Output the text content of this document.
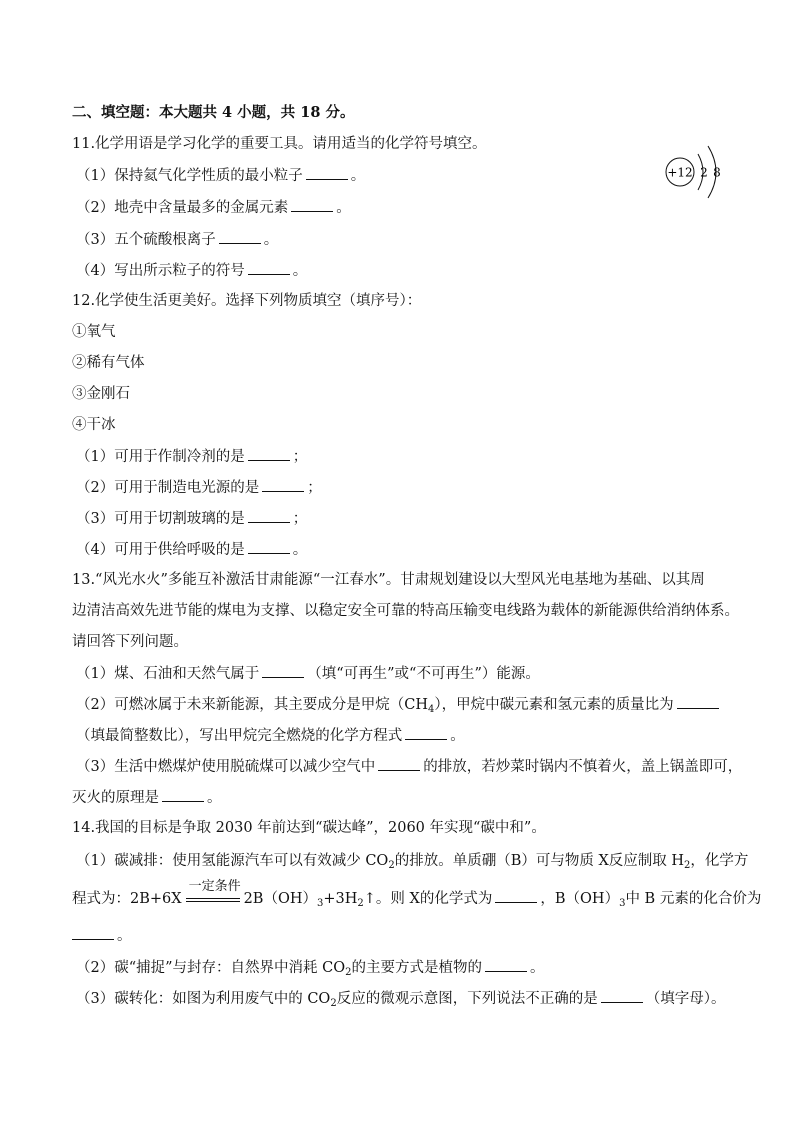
二、填空题：本大题共 4 小题，共 18 分。
11.化学用语是学习化学的重要工具。请用适当的化学符号填空。
（1）保持氦气化学性质的最小粒子	。
（2）地壳中含量最多的金属元素	。
（3）五个硫酸根离子	。
（4）写出所示粒子的符号	。
+12 2 8
12.化学使生活更美好。选择下列物质填空（填序号）：
①氧气
②稀有气体
③金刚石
④干冰
（1）可用于作制冷剂的是	；
（2）可用于制造电光源的是	；
（3）可用于切割玻璃的是	；
（4）可用于供给呼吸的是	。
13.“风光水火”多能互补激活甘肃能源“一江春水”。甘肃规划建设以大型风光电基地为基础、以其周
边清洁高效先进节能的煤电为支撑、以稳定安全可靠的特高压输变电线路为载体的新能源供给消纳体系。
请回答下列问题。
（1）煤、石油和天然气属于	（填“可再生”或“不可再生”）能源。
（2）可燃冰属于未来新能源，其主要成分是甲烷$(CH_4)$，甲烷中碳元素和氢元素的质量比为
（填最简整数比），写出甲烷完全燃烧的化学方程式	。
（3）生活中燃煤炉使用脱硫煤可以减少空气中	的排放，若炒菜时锅内不慎着火，盖上锅盖即可，
灭火的原理是	。
14.我国的目标是争取 2030 年前达到“碳达峰”，2060 年实现“碳中和”。
（1）碳减排：使用氢能源汽车可以有效减少 $CO_2$的排放。单质硼（B）可与物质 X反应制取 $H_2$，化学方
程式为：2B+6X
一定条件
$2B(OH)_3+3H_2↑$。则 X的化学式为	，$B(OH)_3$中 B 元素的化合价为
。
（2）碳“捕捉”与封存：自然界中消耗 $CO_2$的主要方式是植物的	。
（3）碳转化：如图为利用废气中的 $CO_2$反应的微观示意图，下列说法不正确的是	（填字母）。
